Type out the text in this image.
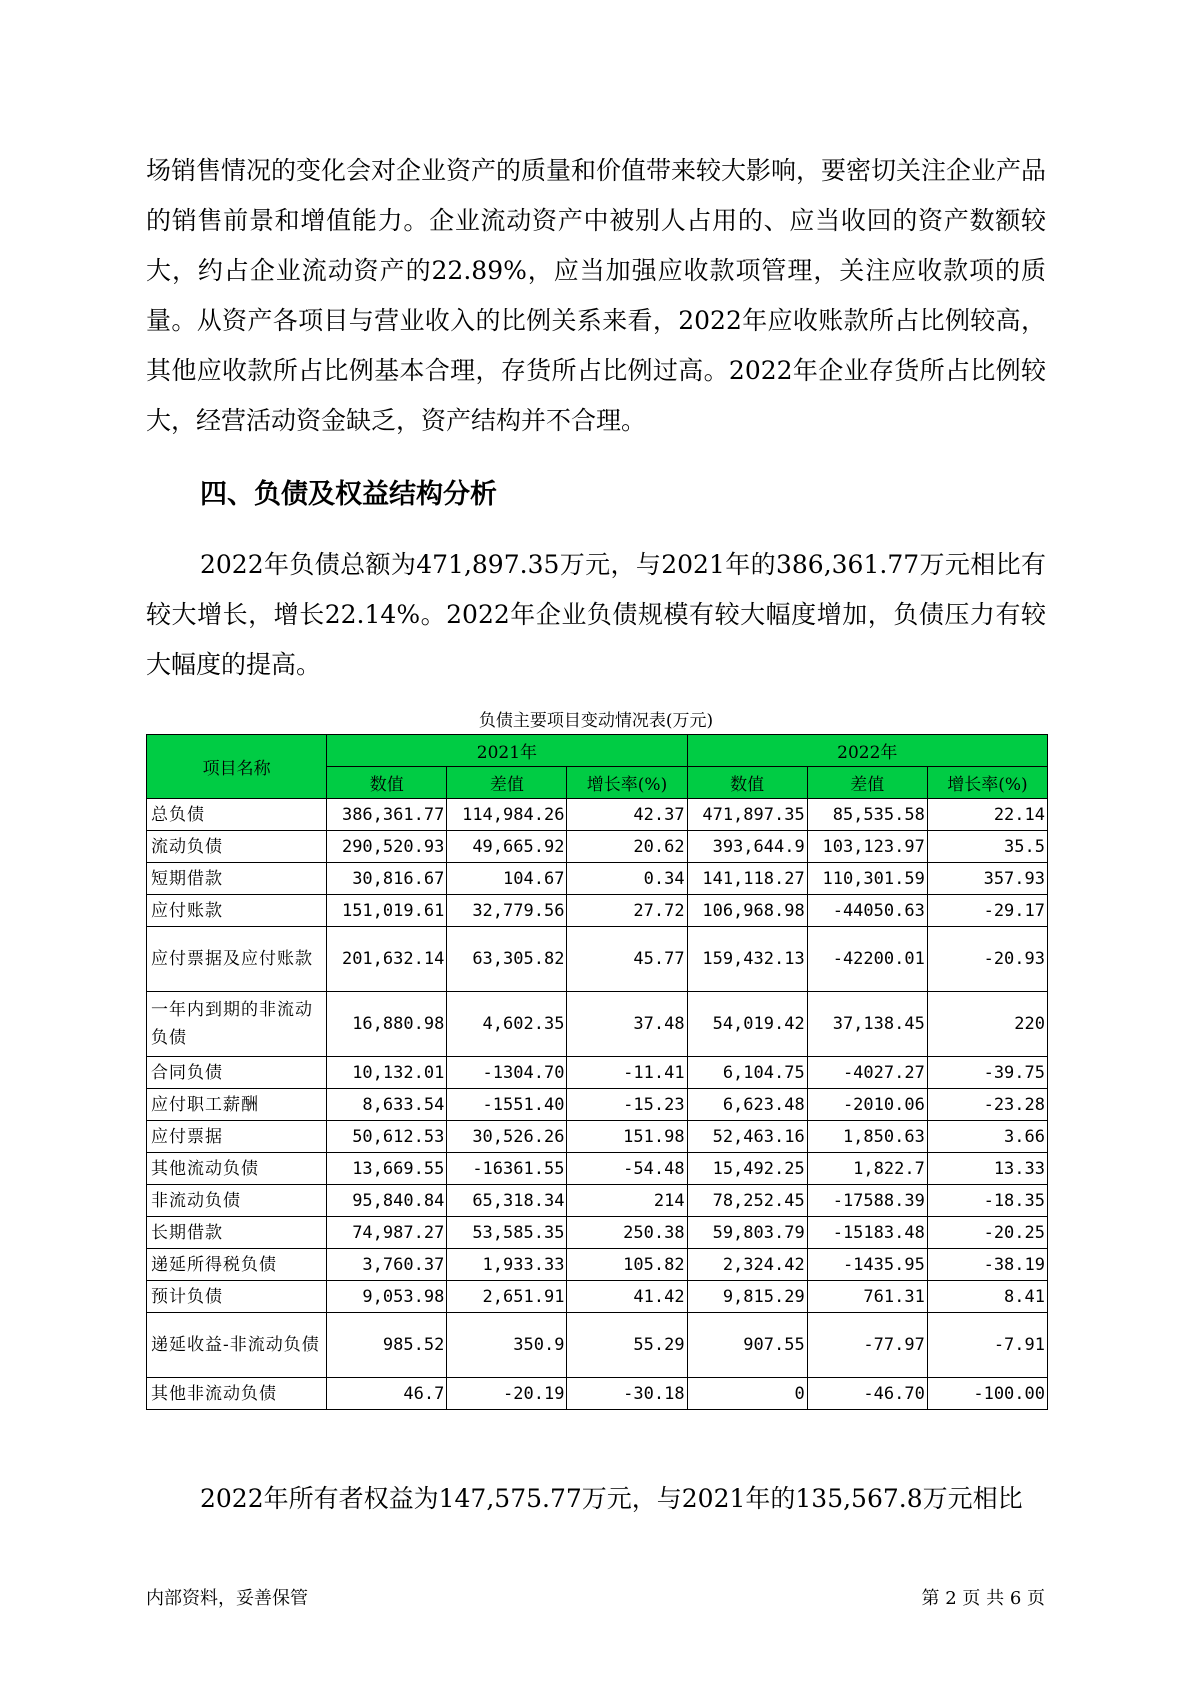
场销售情况的变化会对企业资产的质量和价值带来较大影响，要密切关注企业产品的销售前景和增值能力。企业流动资产中被别人占用的、应当收回的资产数额较大，约占企业流动资产的22.89%，应当加强应收款项管理，关注应收款项的质量。从资产各项目与营业收入的比例关系来看，2022年应收账款所占比例较高，其他应收款所占比例基本合理，存货所占比例过高。2022年企业存货所占比例较大，经营活动资金缺乏，资产结构并不合理。

四、负债及权益结构分析

2022年负债总额为471,897.35万元，与2021年的386,361.77万元相比有较大增长，增长22.14%。2022年企业负债规模有较大幅度增加，负债压力有较大幅度的提高。

负债主要项目变动情况表(万元)
项目名称	2021年			2022年		
	数值	差值	增长率(%)	数值	差值	增长率(%)
总负债	386,361.77	114,984.26	42.37	471,897.35	85,535.58	22.14
流动负债	290,520.93	49,665.92	20.62	393,644.9	103,123.97	35.5
短期借款	30,816.67	104.67	0.34	141,118.27	110,301.59	357.93
应付账款	151,019.61	32,779.56	27.72	106,968.98	-44050.63	-29.17
应付票据及应付账款	201,632.14	63,305.82	45.77	159,432.13	-42200.01	-20.93
一年内到期的非流动负债	16,880.98	4,602.35	37.48	54,019.42	37,138.45	220
合同负债	10,132.01	-1304.70	-11.41	6,104.75	-4027.27	-39.75
应付职工薪酬	8,633.54	-1551.40	-15.23	6,623.48	-2010.06	-23.28
应付票据	50,612.53	30,526.26	151.98	52,463.16	1,850.63	3.66
其他流动负债	13,669.55	-16361.55	-54.48	15,492.25	1,822.7	13.33
非流动负债	95,840.84	65,318.34	214	78,252.45	-17588.39	-18.35
长期借款	74,987.27	53,585.35	250.38	59,803.79	-15183.48	-20.25
递延所得税负债	3,760.37	1,933.33	105.82	2,324.42	-1435.95	-38.19
预计负债	9,053.98	2,651.91	41.42	9,815.29	761.31	8.41
递延收益-非流动负债	985.52	350.9	55.29	907.55	-77.97	-7.91
其他非流动负债	46.7	-20.19	-30.18	0	-46.70	-100.00

2022年所有者权益为147,575.77万元，与2021年的135,567.8万元相比

内部资料，妥善保管	第 2 页 共 6 页
